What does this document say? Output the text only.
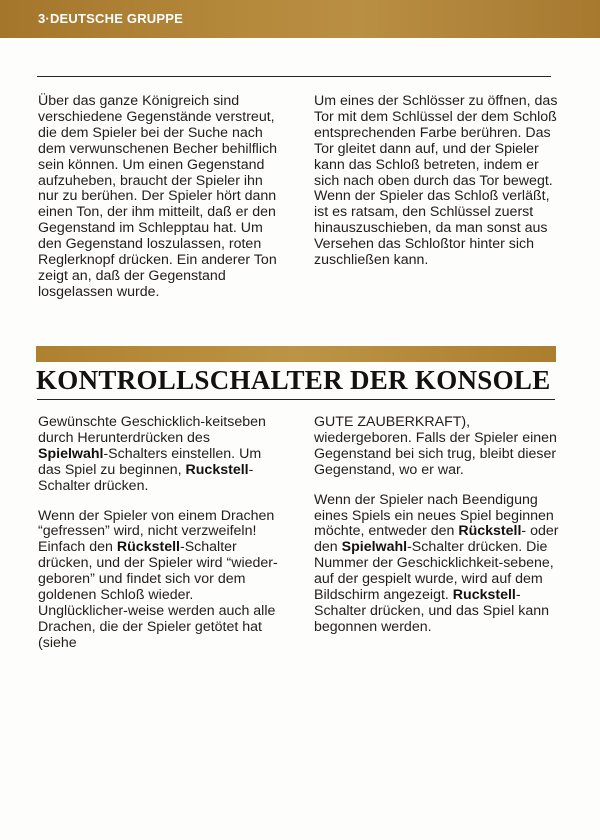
3·DEUTSCHE GRUPPE

Über das ganze Königreich sind verschiedene Gegenstände verstreut, die dem Spieler bei der Suche nach dem verwunschenen Becher behilflich sein können. Um einen Gegenstand aufzuheben, braucht der Spieler ihn nur zu berühen. Der Spieler hört dann einen Ton, der ihm mitteilt, daß er den Gegenstand im Schlepptau hat. Um den Gegenstand loszulassen, roten Reglerknopf drücken. Ein anderer Ton zeigt an, daß der Gegenstand losgelassen wurde.

Um eines der Schlösser zu öffnen, das Tor mit dem Schlüssel der dem Schloß entsprechenden Farbe berühren. Das Tor gleitet dann auf, und der Spieler kann das Schloß betreten, indem er sich nach oben durch das Tor bewegt. Wenn der Spieler das Schloß verläßt, ist es ratsam, den Schlüssel zuerst hinauszuschieben, da man sonst aus Versehen das Schloßtor hinter sich zuschließen kann.

KONTROLLSCHALTER DER KONSOLE

Gewünschte Geschicklich-keitseben durch Herunterdrücken des Spielwahl-Schalters einstellen. Um das Spiel zu beginnen, Ruckstell-Schalter drücken.

Wenn der Spieler von einem Drachen “gefressen” wird, nicht verzweifeln! Einfach den Rückstell-Schalter drücken, und der Spieler wird “wieder-geboren” und findet sich vor dem goldenen Schloß wieder. Unglücklicher-weise werden auch alle Drachen, die der Spieler getötet hat (siehe

GUTE ZAUBERKRAFT), wiedergeboren. Falls der Spieler einen Gegenstand bei sich trug, bleibt dieser Gegenstand, wo er war.

Wenn der Spieler nach Beendigung eines Spiels ein neues Spiel beginnen möchte, entweder den Rückstell- oder den Spielwahl-Schalter drücken. Die Nummer der Geschicklichkeit-sebene, auf der gespielt wurde, wird auf dem Bildschirm angezeigt. Ruckstell-Schalter drücken, und das Spiel kann begonnen werden.
